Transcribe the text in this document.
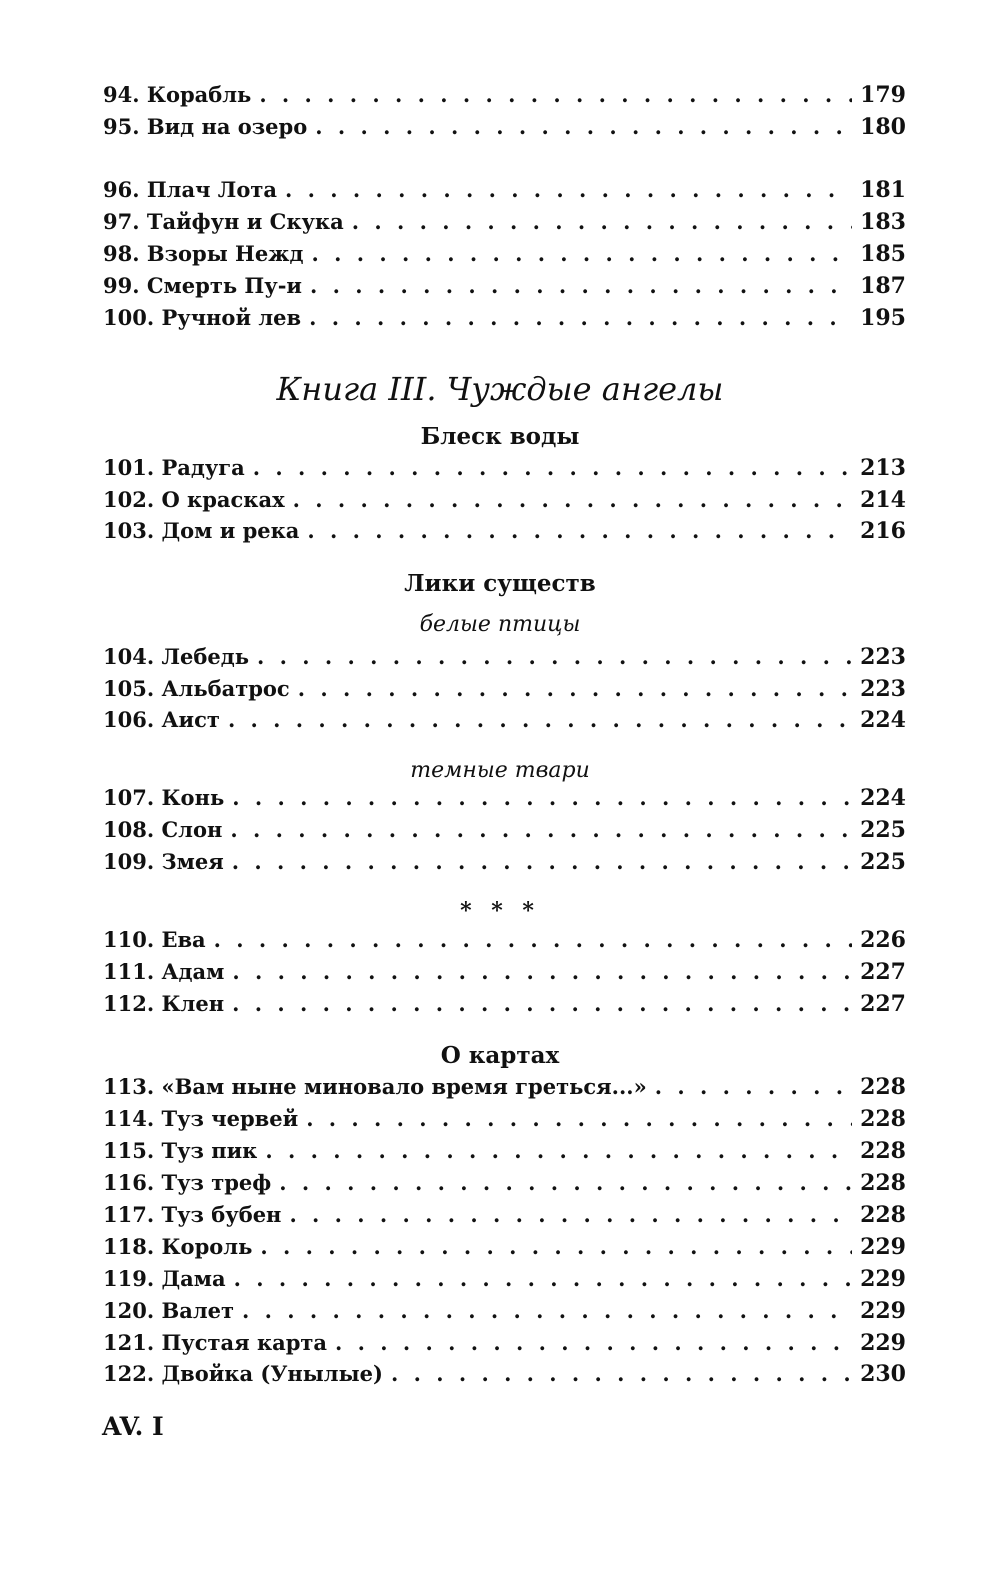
94. Корабль . . .	179
95. Вид на озеро . . .	180
96. Плач Лота . . .	181
97. Тайфун и Скука . . .	183
98. Взоры Нежд . . .	185
99. Смерть Пу-и . . .	187
100. Ручной лев . . .	195
Книга III. Чуждые ангелы
Блеск воды
101. Радуга . . .	213
102. О красках . . .	214
103. Дом и река . . .	216
Лики существ
белые птицы
104. Лебедь . . .	223
105. Альбатрос . . .	223
106. Аист . . .	224
темные твари
107. Конь . . .	224
108. Слон . . .	225
109. Змея . . .	225
* * *
110. Ева . . .	226
111. Адам . . .	227
112. Клен . . .	227
О картах
113. «Вам ныне миновало время греться...» . . .	228
114. Туз червей . . .	228
115. Туз пик . . .	228
116. Туз треф . . .	228
117. Туз бубен . . .	228
118. Король . . .	229
119. Дама . . .	229
120. Валет . . .	229
121. Пустая карта . . .	229
122. Двойка (Унылые) . . .	230
AV. I
